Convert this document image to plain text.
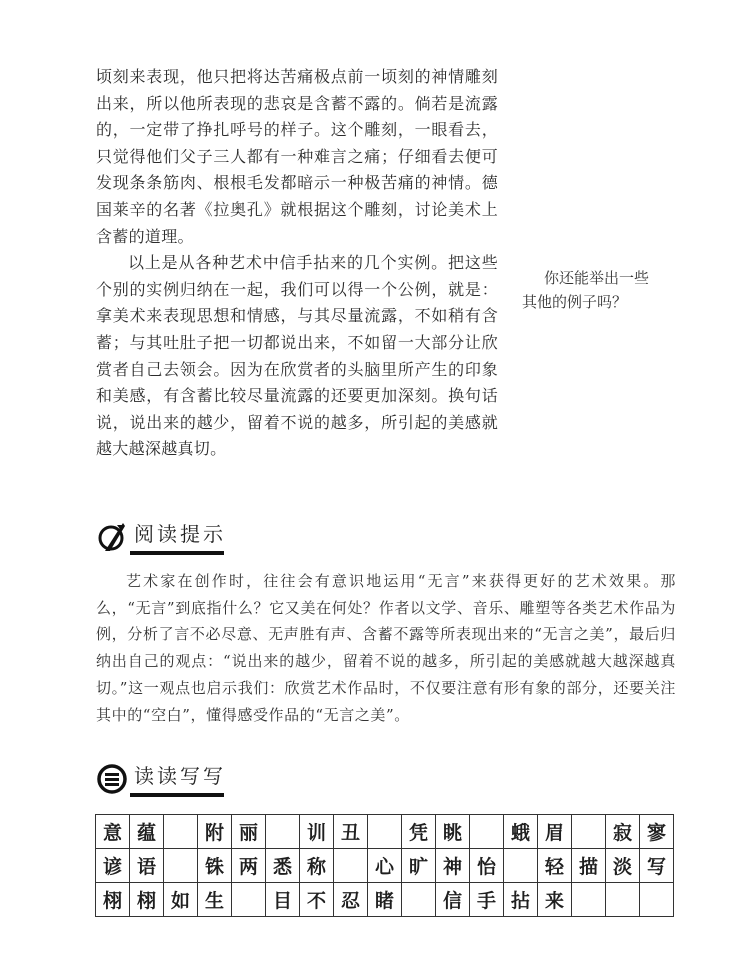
顷刻来表现，他只把将达苦痛极点前一顷刻的神情雕刻出来，所以他所表现的悲哀是含蓄不露的。倘若是流露的，一定带了挣扎呼号的样子。这个雕刻，一眼看去，只觉得他们父子三人都有一种难言之痛；仔细看去便可发现条条筋肉、根根毛发都暗示一种极苦痛的神情。德国莱辛的名著《拉奥孔》就根据这个雕刻，讨论美术上含蓄的道理。

以上是从各种艺术中信手拈来的几个实例。把这些个别的实例归纳在一起，我们可以得一个公例，就是：拿美术来表现思想和情感，与其尽量流露，不如稍有含蓄；与其吐肚子把一切都说出来，不如留一大部分让欣赏者自己去领会。因为在欣赏者的头脑里所产生的印象和美感，有含蓄比较尽量流露的还要更加深刻。换句话说，说出来的越少，留着不说的越多，所引起的美感就越大越深越真切。

你还能举出一些
其他的例子吗？
阅读提示

艺术家在创作时，往往会有意识地运用“无言”来获得更好的艺术效果。那么，“无言”到底指什么？它又美在何处？作者以文学、音乐、雕塑等各类艺术作品为例，分析了言不必尽意、无声胜有声、含蓄不露等所表现出来的“无言之美”，最后归纳出自己的观点：“说出来的越少，留着不说的越多，所引起的美感就越大越深越真切。”这一观点也启示我们：欣赏艺术作品时，不仅要注意有形有象的部分，还要关注其中的“空白”，懂得感受作品的“无言之美”。

读读写写
意	蕴		附	丽		训	丑		凭	眺		蛾	眉		寂	寥
谚	语		铢	两	悉	称		心	旷	神	怡		轻	描	淡	写
栩	栩	如	生		目	不	忍	睹		信	手	拈	来			
